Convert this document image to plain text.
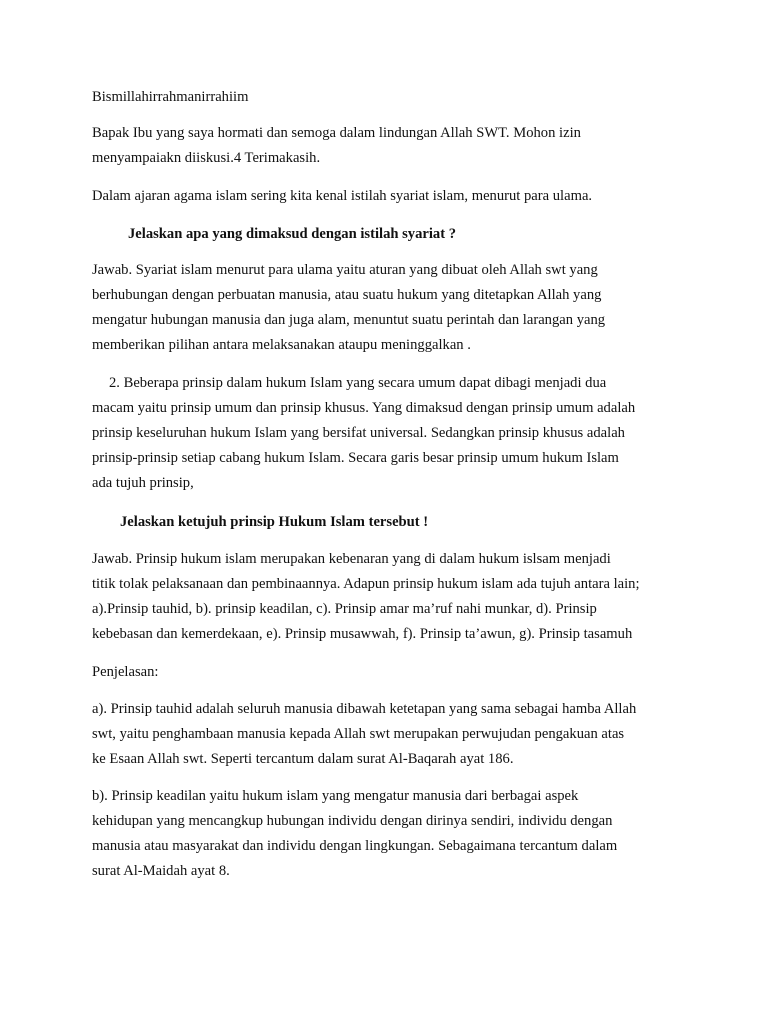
Bismillahirrahmanirrahiim

Bapak Ibu yang saya hormati dan semoga dalam lindungan Allah SWT. Mohon izin
menyampaiakn diiskusi.4 Terimakasih.

Dalam ajaran agama islam sering kita kenal istilah syariat islam, menurut para ulama.

Jelaskan apa yang dimaksud dengan istilah syariat ?

Jawab. Syariat islam menurut para ulama yaitu aturan yang dibuat oleh Allah swt yang
berhubungan dengan perbuatan manusia, atau suatu hukum yang ditetapkan Allah yang
mengatur hubungan manusia dan juga alam, menuntut suatu perintah dan larangan yang
memberikan pilihan antara melaksanakan ataupu meninggalkan .

2. Beberapa prinsip dalam hukum Islam yang secara umum dapat dibagi menjadi dua
macam yaitu prinsip umum dan prinsip khusus. Yang dimaksud dengan prinsip umum adalah
prinsip keseluruhan hukum Islam yang bersifat universal. Sedangkan prinsip khusus adalah
prinsip-prinsip setiap cabang hukum Islam. Secara garis besar prinsip umum hukum Islam
ada tujuh prinsip,

Jelaskan ketujuh prinsip Hukum Islam tersebut !

Jawab. Prinsip hukum islam merupakan kebenaran yang di dalam hukum islsam menjadi
titik tolak pelaksanaan dan pembinaannya. Adapun prinsip hukum islam ada tujuh antara lain;
a).Prinsip tauhid, b). prinsip keadilan, c). Prinsip amar ma’ruf nahi munkar, d). Prinsip
kebebasan dan kemerdekaan, e). Prinsip musawwah, f). Prinsip ta’awun, g). Prinsip tasamuh

Penjelasan:

a). Prinsip tauhid adalah seluruh manusia dibawah ketetapan yang sama sebagai hamba Allah
swt, yaitu penghambaan manusia kepada Allah swt merupakan perwujudan pengakuan atas
ke Esaan Allah swt. Seperti tercantum dalam surat Al-Baqarah ayat 186.

b). Prinsip keadilan yaitu hukum islam yang mengatur manusia dari berbagai aspek
kehidupan yang mencangkup hubungan individu dengan dirinya sendiri, individu dengan
manusia atau masyarakat dan individu dengan lingkungan. Sebagaimana tercantum dalam
surat Al-Maidah ayat 8.
